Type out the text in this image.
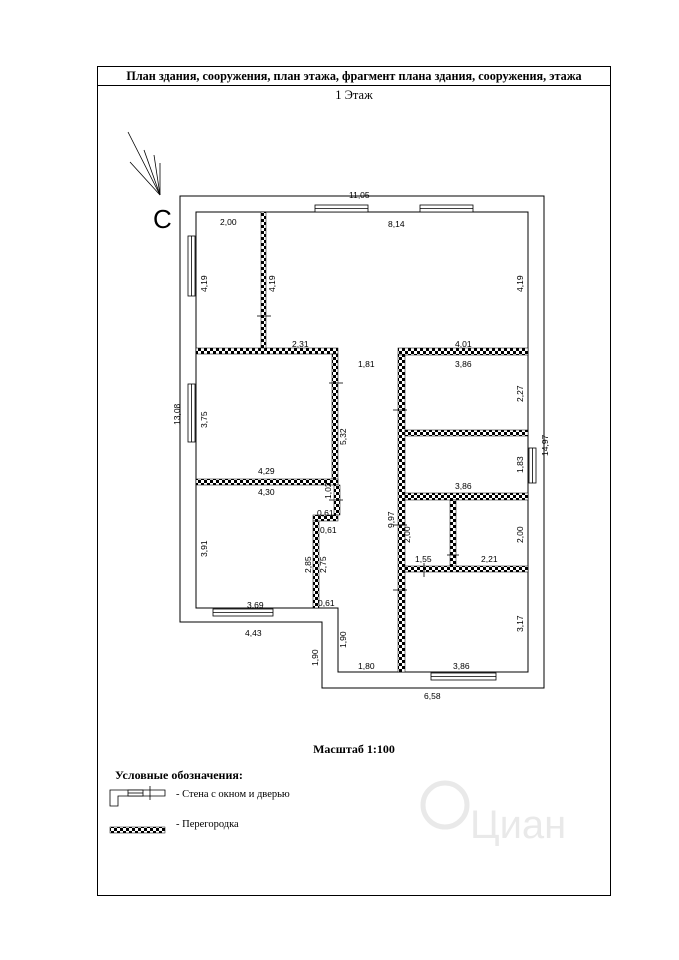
План здания, сооружения, план этажа, фрагмент плана здания, сооружения, этажа
1 Этаж
С
11,05
8,14
2,00
4,19	4,19	4,19
2,31
1,81
13,08 3,75
5,32
4,29
4,30	1,02
0,61
0,61
3,91
2,85 2,75
0,61
3,69
4,43	1,90
1,90	1,80
4,01
3,86
2,27
14,97
1,83
3,86
9,97
2,00	2,00
1,55	2,21
3,17
3,86
6,58
Циан
Масштаб 1:100
Условные обозначения:
- Стена с окном и дверью
- Перегородка
